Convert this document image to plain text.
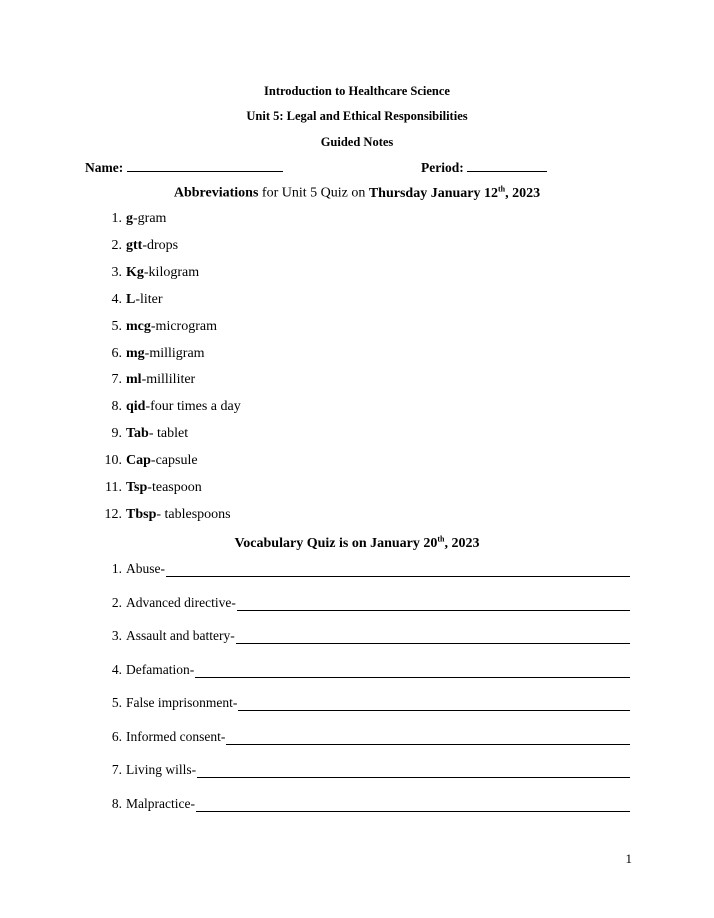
Introduction to Healthcare Science
Unit 5: Legal and Ethical Responsibilities
Guided Notes
Name:	Period:
Abbreviations for Unit 5 Quiz on Thursday January 12th, 2023
1. g-gram
2. gtt-drops
3. Kg-kilogram
4. L-liter
5. mcg-microgram
6. mg-milligram
7. ml-milliliter
8. qid-four times a day
9. Tab- tablet
10. Cap-capsule
11. Tsp-teaspoon
12. Tbsp- tablespoons
Vocabulary Quiz is on January 20th, 2023
1. Abuse-
2. Advanced directive-
3. Assault and battery-
4. Defamation-
5. False imprisonment-
6. Informed consent-
7. Living wills-
8. Malpractice-
1
